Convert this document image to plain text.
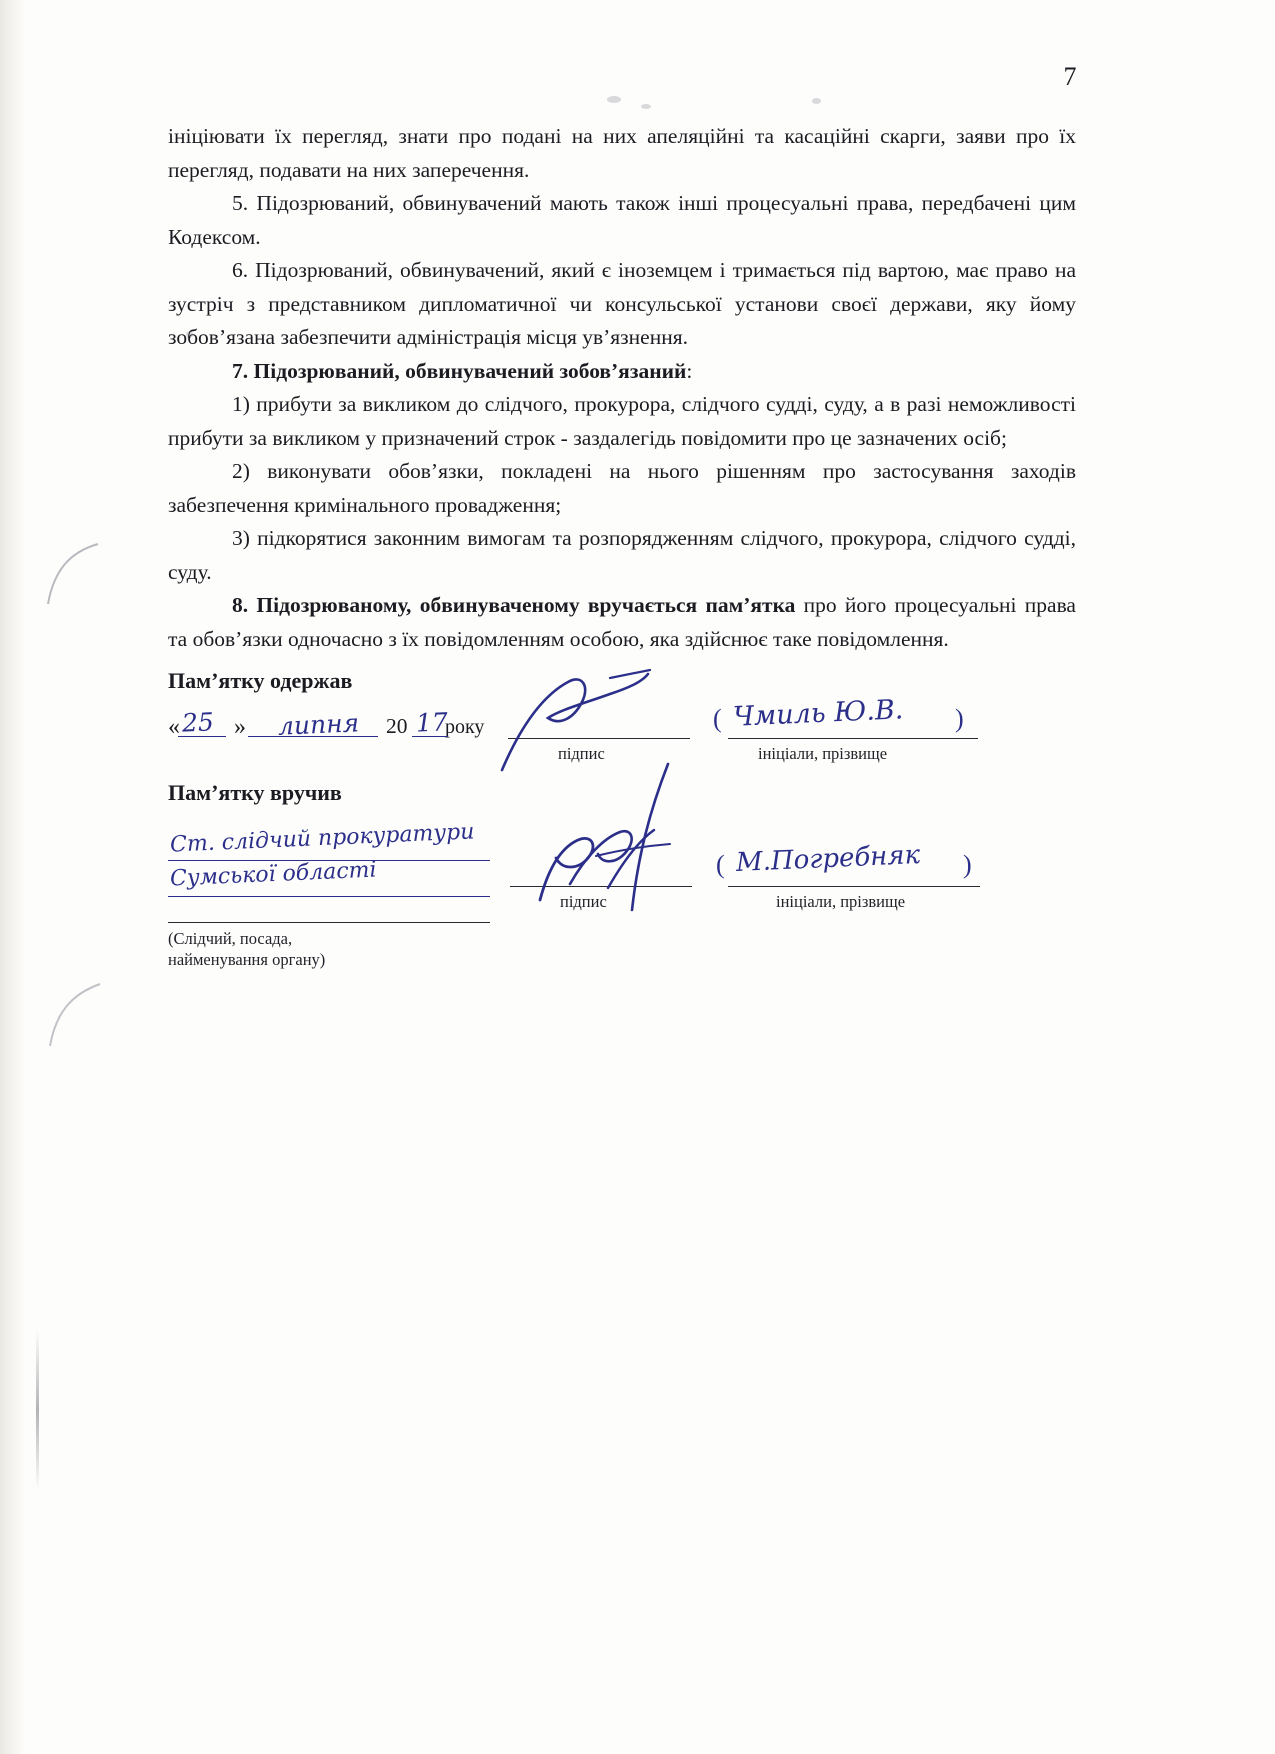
7

ініціювати їх перегляд, знати про подані на них апеляційні та касаційні скарги, заяви про їх перегляд, подавати на них заперечення.

5. Підозрюваний, обвинувачений мають також інші процесуальні права, передбачені цим Кодексом.

6. Підозрюваний, обвинувачений, який є іноземцем і тримається під вартою, має право на зустріч з представником дипломатичної чи консульської установи своєї держави, яку йому зобов’язана забезпечити адміністрація місця ув’язнення.

7. Підозрюваний, обвинувачений зобов’язаний:

1) прибути за викликом до слідчого, прокурора, слідчого судді, суду, а в разі неможливості прибути за викликом у призначений строк - заздалегідь повідомити про це зазначених осіб;

2) виконувати обов’язки, покладені на нього рішенням про застосування заходів забезпечення кримінального провадження;

3) підкорятися законним вимогам та розпорядженням слідчого, прокурора, слідчого судді, суду.

8. Підозрюваному, обвинуваченому вручається пам’ятка про його процесуальні права та обов’язки одночасно з їх повідомленням особою, яка здійснює таке повідомлення.

Пам’ятку одержав
« 25 » липня 20 17
року	(	)
Чмиль Ю.В.
підпис	ініціали, прізвище
Пам’ятку вручив
Ст. слідчий прокуратури
Сумської області	(	)
М.Погребняк
підпис	ініціали, прізвище
(Слідчий, посада,
найменування органу)
